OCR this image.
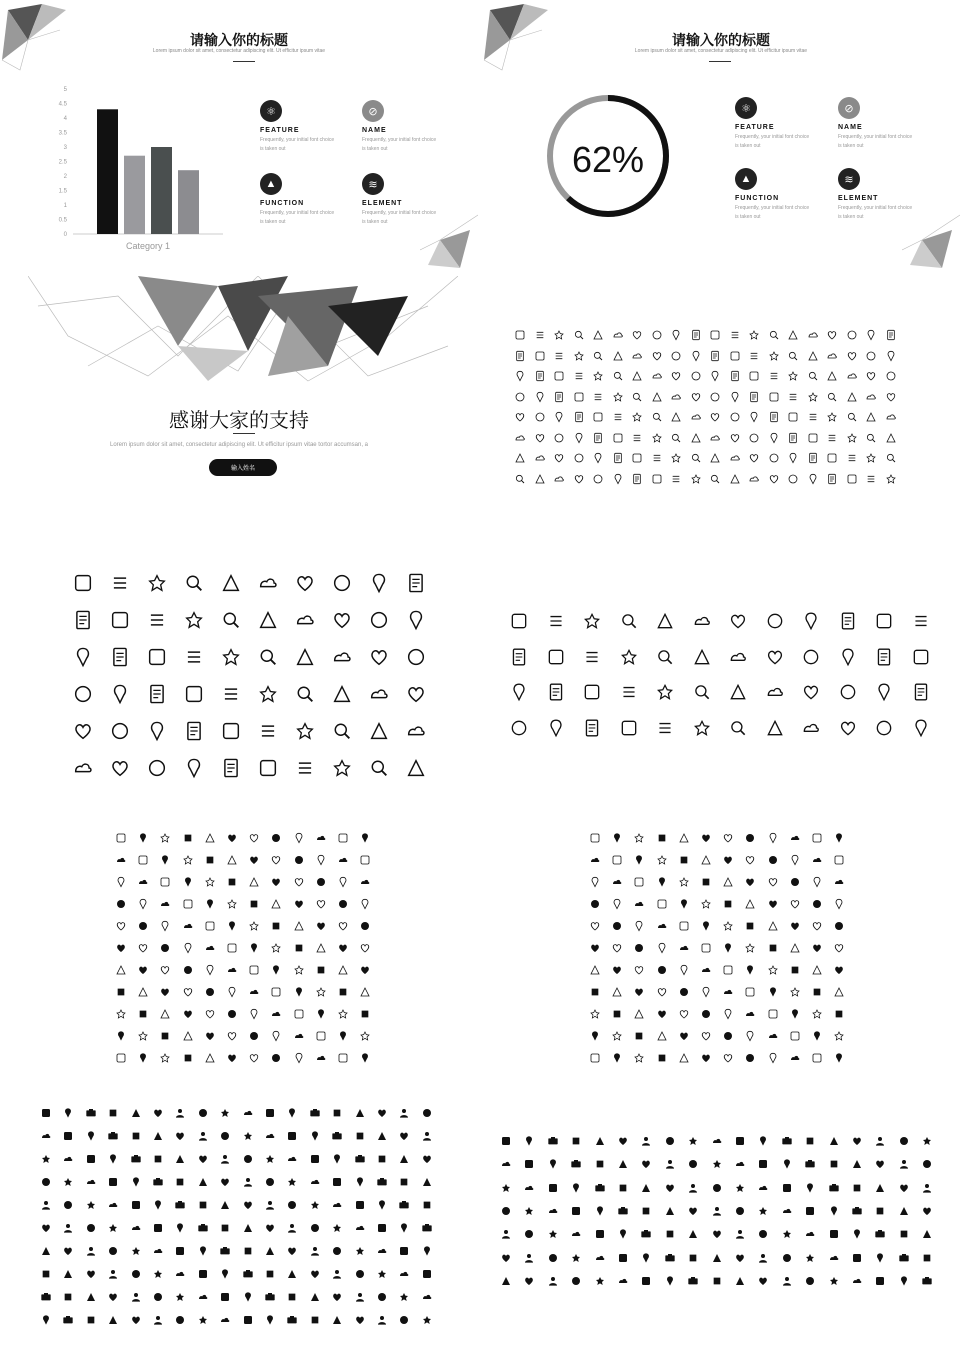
请输入你的标题
Lorem ipsum dolor sit amet, consectetur adipiscing elit. Ut efficitur ipsum vitae
0
0.5
1
1.5
2
2.5
3
3.5
4
4.5
5
Category 1
⚛
FEATURE
Frequently, your initial font choice is taken out
⊘
NAME
Frequently, your initial font choice is taken out
▲
FUNCTION
Frequently, your initial font choice is taken out
≋
ELEMENT
Frequently, your initial font choice is taken out
请输入你的标题
Lorem ipsum dolor sit amet, consectetur adipiscing elit. Ut efficitur ipsum vitae
62%
⚛
FEATURE
Frequently, your initial font choice is taken out
⊘
NAME
Frequently, your initial font choice is taken out
▲
FUNCTION
Frequently, your initial font choice is taken out
≋
ELEMENT
Frequently, your initial font choice is taken out
感谢大家的支持
Lorem ipsum dolor sit amet, consectetur adipiscing elit. Ut efficitur ipsum vitae tortor accumsan, a
输入姓名
